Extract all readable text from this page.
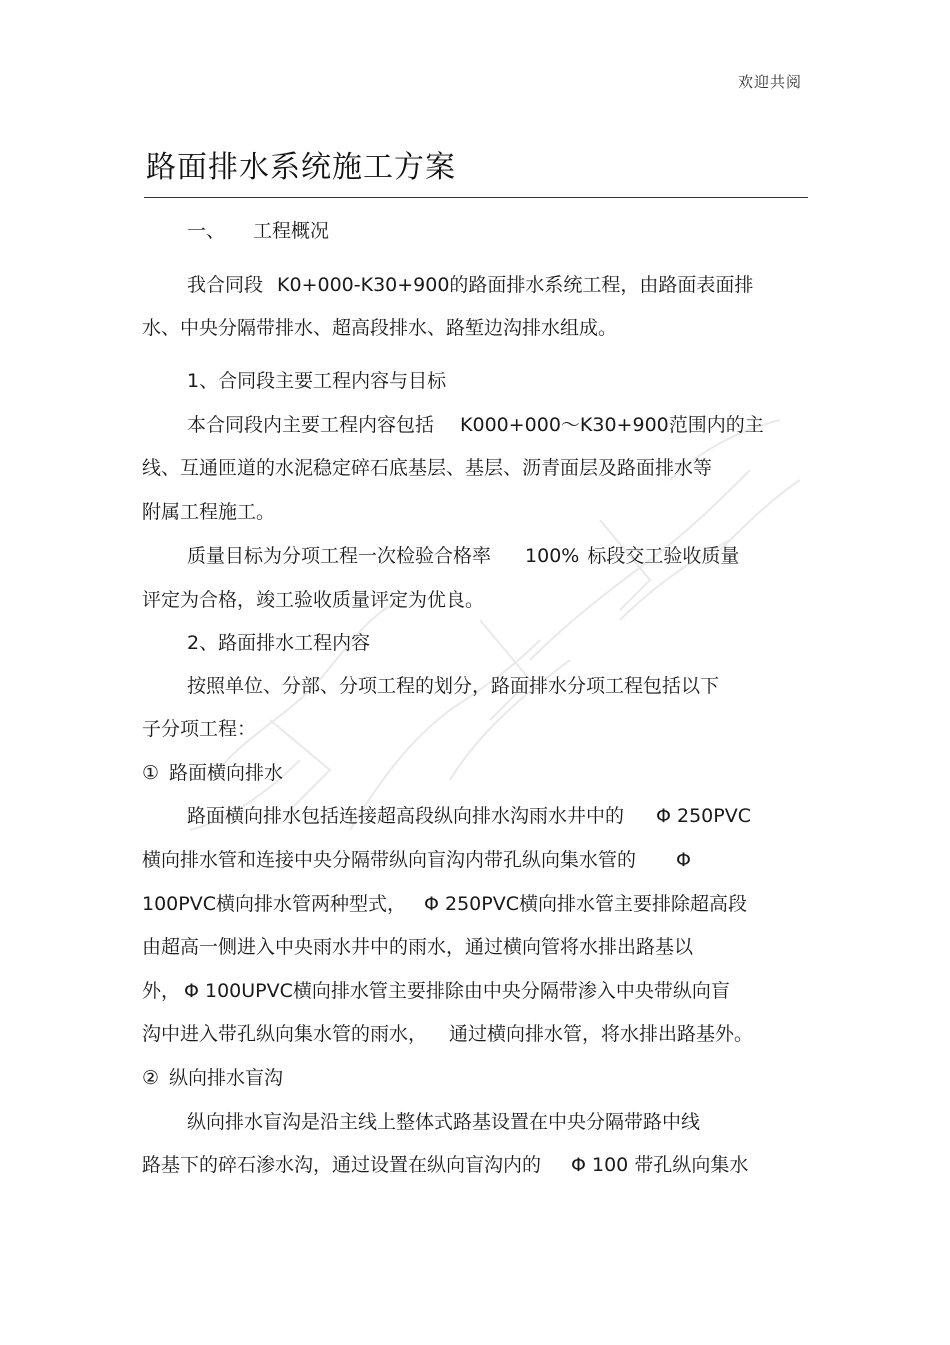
欢迎共阅
路面排水系统施工方案
一、 工程概况
我合同段 K0+000-K30+900的路面排水系统工程，由路面表面排
水、中央分隔带排水、超高段排水、路堑边沟排水组成。
1、合同段主要工程内容与目标
本合同段内主要工程内容包括 K000+000～K30+900范围内的主
线、互通匝道的水泥稳定碎石底基层、基层、沥青面层及路面排水等
附属工程施工。
质量目标为分项工程一次检验合格率 100% 标段交工验收质量
评定为合格，竣工验收质量评定为优良。
2、路面排水工程内容
按照单位、分部、分项工程的划分，路面排水分项工程包括以下
子分项工程：
① 路面横向排水
路面横向排水包括连接超高段纵向排水沟雨水井中的 Φ 250PVC
横向排水管和连接中央分隔带纵向盲沟内带孔纵向集水管的 Φ
100PVC横向排水管两种型式， Φ 250PVC横向排水管主要排除超高段
由超高一侧进入中央雨水井中的雨水，通过横向管将水排出路基以
外， Φ 100UPVC横向排水管主要排除由中央分隔带渗入中央带纵向盲
沟中进入带孔纵向集水管的雨水， 通过横向排水管，将水排出路基外。
② 纵向排水盲沟
纵向排水盲沟是沿主线上整体式路基设置在中央分隔带路中线
路基下的碎石渗水沟，通过设置在纵向盲沟内的 Φ 100 带孔纵向集水
